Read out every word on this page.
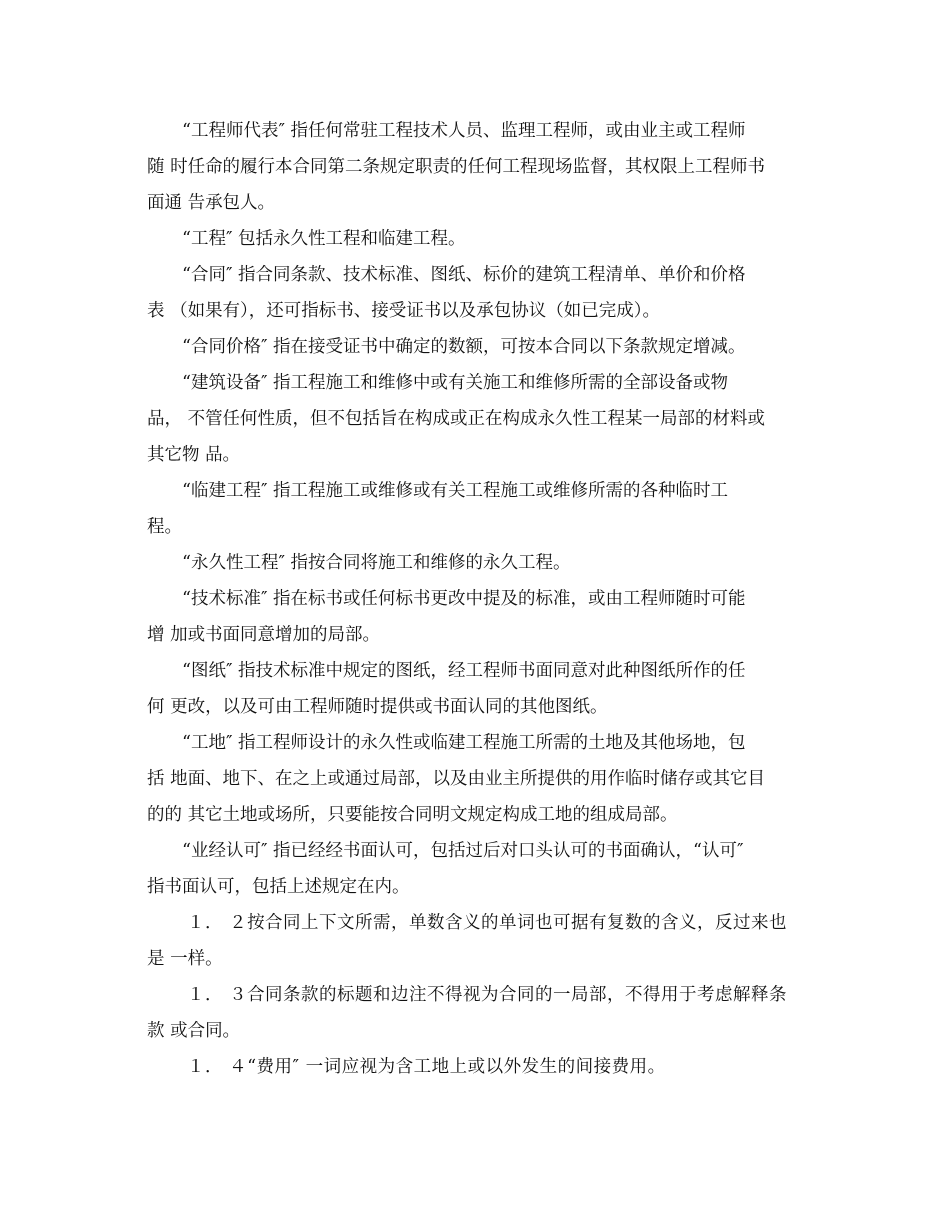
“工程师代表″ 指任何常驻工程技术人员、监理工程师，或由业主或工程师

随 时任命的履行本合同第二条规定职责的任何工程现场监督，其权限上工程师书

面通 告承包人。

“工程″ 包括永久性工程和临建工程。

“合同″ 指合同条款、技术标准、图纸、标价的建筑工程清单、单价和价格

表 （如果有），还可指标书、接受证书以及承包协议（如已完成）。

“合同价格″ 指在接受证书中确定的数额，可按本合同以下条款规定增减。

“建筑设备″ 指工程施工和维修中或有关施工和维修所需的全部设备或物

品， 不管任何性质，但不包括旨在构成或正在构成永久性工程某一局部的材料或

其它物 品。

“临建工程″ 指工程施工或维修或有关工程施工或维修所需的各种临时工

程。

“永久性工程″ 指按合同将施工和维修的永久工程。

“技术标准″ 指在标书或任何标书更改中提及的标准，或由工程师随时可能

增 加或书面同意增加的局部。

“图纸″ 指技术标准中规定的图纸，经工程师书面同意对此种图纸所作的任

何 更改，以及可由工程师随时提供或书面认同的其他图纸。

“工地″ 指工程师设计的永久性或临建工程施工所需的土地及其他场地，包

括 地面、地下、在之上或通过局部，以及由业主所提供的用作临时储存或其它目

的的 其它土地或场所，只要能按合同明文规定构成工地的组成局部。

“业经认可″ 指已经经书面认可，包括过后对口头认可的书面确认，“认可″

指书面认可，包括上述规定在内。

１． ２按合同上下文所需，单数含义的单词也可据有复数的含义，反过来也

是 一样。

１． ３合同条款的标题和边注不得视为合同的一局部，不得用于考虑解释条

款 或合同。

１． ４“费用″ 一词应视为含工地上或以外发生的间接费用。
